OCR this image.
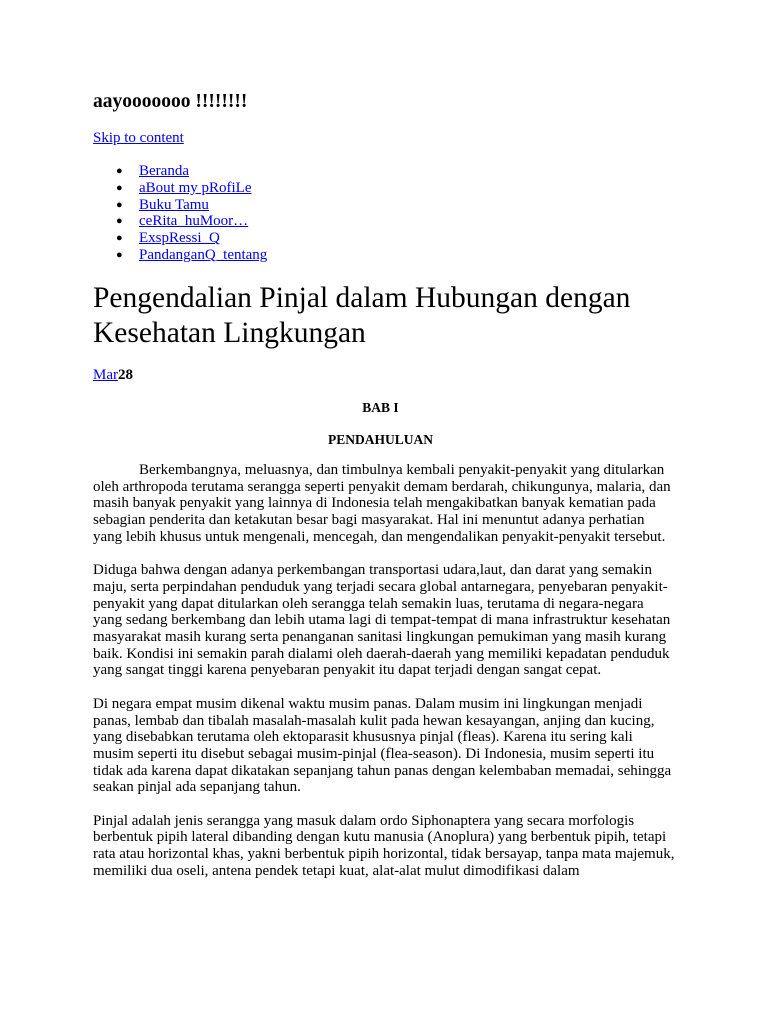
aayooooooo !!!!!!!!
Skip to content
● Beranda
● aBout my pRofiLe
● Buku Tamu
● ceRita_huMoor…
● ExspRessi_Q
● PandanganQ_tentang
Pengendalian Pinjal dalam Hubungan dengan Kesehatan Lingkungan
Mar28
BAB I
PENDAHULUAN

Berkembangnya, meluasnya, dan timbulnya kembali penyakit-penyakit yang ditularkan oleh arthropoda terutama serangga seperti penyakit demam berdarah, chikungunya, malaria, dan masih banyak penyakit yang lainnya di Indonesia telah mengakibatkan banyak kematian pada sebagian penderita dan ketakutan besar bagi masyarakat. Hal ini menuntut adanya perhatian yang lebih khusus untuk mengenali, mencegah, dan mengendalikan penyakit-penyakit tersebut.

Diduga bahwa dengan adanya perkembangan transportasi udara,laut, dan darat yang semakin maju, serta perpindahan penduduk yang terjadi secara global antarnegara, penyebaran penyakit-penyakit yang dapat ditularkan oleh serangga telah semakin luas, terutama di negara-negara yang sedang berkembang dan lebih utama lagi di tempat-tempat di mana infrastruktur kesehatan masyarakat masih kurang serta penanganan sanitasi lingkungan pemukiman yang masih kurang baik. Kondisi ini semakin parah dialami oleh daerah-daerah yang memiliki kepadatan penduduk yang sangat tinggi karena penyebaran penyakit itu dapat terjadi dengan sangat cepat.

Di negara empat musim dikenal waktu musim panas. Dalam musim ini lingkungan menjadi panas, lembab dan tibalah masalah-masalah kulit pada hewan kesayangan, anjing dan kucing, yang disebabkan terutama oleh ektoparasit khususnya pinjal (fleas). Karena itu sering kali musim seperti itu disebut sebagai musim-pinjal (flea-season). Di Indonesia, musim seperti itu tidak ada karena dapat dikatakan sepanjang tahun panas dengan kelembaban memadai, sehingga seakan pinjal ada sepanjang tahun.

Pinjal adalah jenis serangga yang masuk dalam ordo Siphonaptera yang secara morfologis berbentuk pipih lateral dibanding dengan kutu manusia (Anoplura) yang berbentuk pipih, tetapi rata atau horizontal khas, yakni berbentuk pipih horizontal, tidak bersayap, tanpa mata majemuk, memiliki dua oseli, antena pendek tetapi kuat, alat-alat mulut dimodifikasi dalam
